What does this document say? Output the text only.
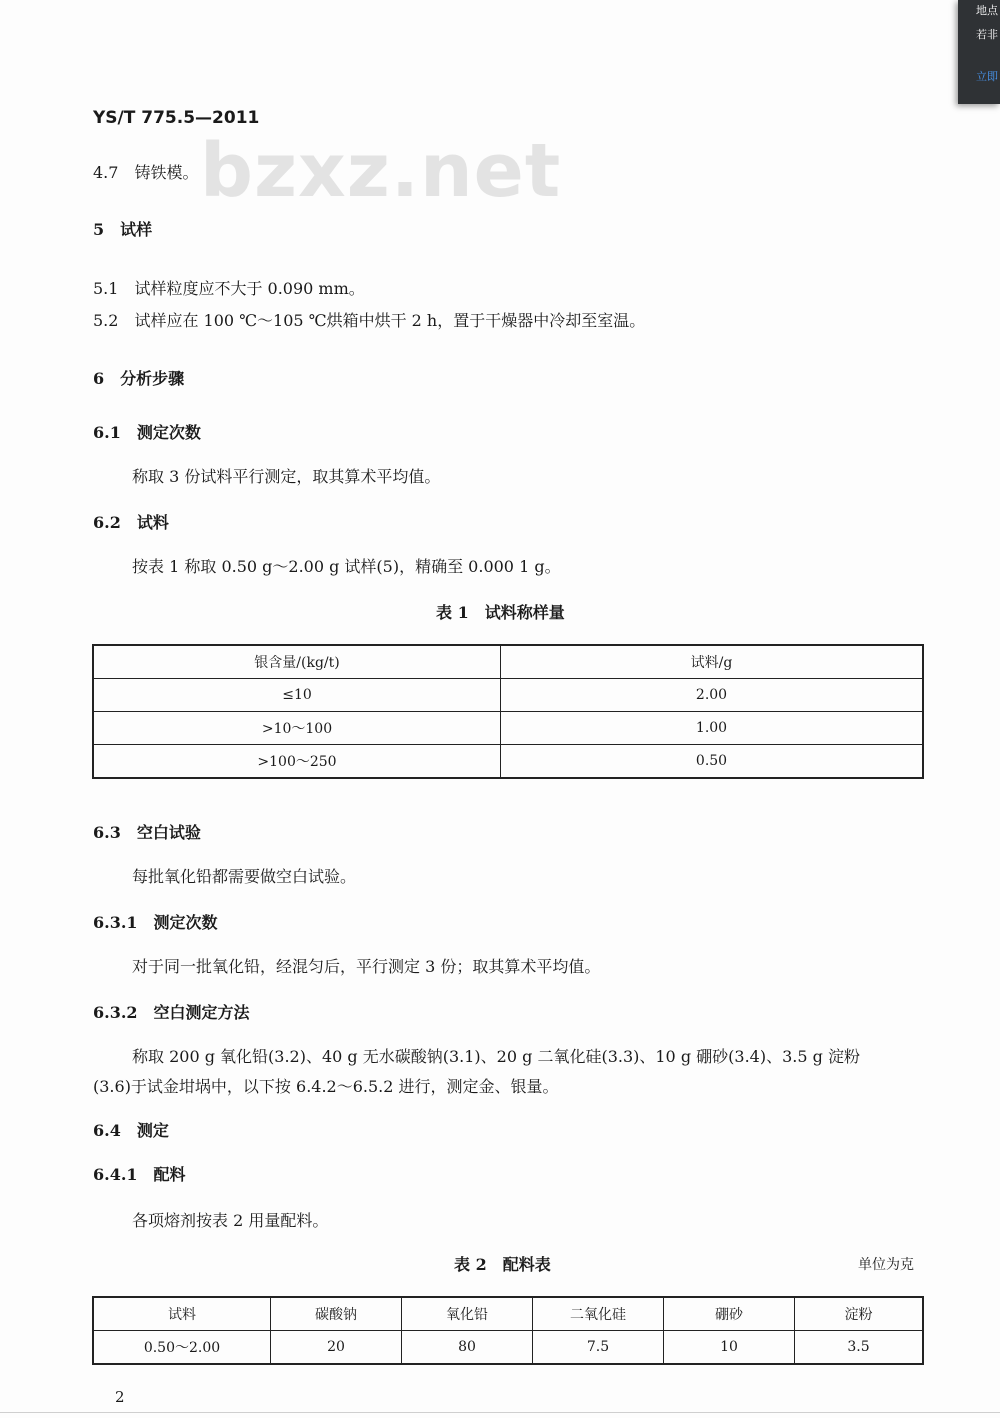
YS/T 775.5—2011
bzxz.net
4.7　铸铁模。
5　试样
5.1　试样粒度应不大于 0.090 mm。
5.2　试样应在 100 ℃～105 ℃烘箱中烘干 2 h，置于干燥器中冷却至室温。
6　分析步骤
6.1　测定次数
称取 3 份试料平行测定，取其算术平均值。
6.2　试料
按表 1 称取 0.50 g～2.00 g 试样(5)，精确至 0.000 1 g。
表 1　试料称样量
银含量/(kg/t)	试料/g
≤10	2.00
>10～100	1.00
>100～250	0.50
6.3　空白试验
每批氧化铅都需要做空白试验。
6.3.1　测定次数
对于同一批氧化铅，经混匀后，平行测定 3 份；取其算术平均值。
6.3.2　空白测定方法
称取 200 g 氧化铅(3.2)、40 g 无水碳酸钠(3.1)、20 g 二氧化硅(3.3)、10 g 硼砂(3.4)、3.5 g 淀粉
(3.6)于试金坩埚中，以下按 6.4.2～6.5.2 进行，测定金、银量。
6.4　测定
6.4.1　配料
各项熔剂按表 2 用量配料。
表 2　配料表	单位为克
试料	碳酸钠	氧化铅	二氧化硅	硼砂	淀粉
0.50～2.00	20	80	7.5	10	3.5
2
地点
若非
立即
